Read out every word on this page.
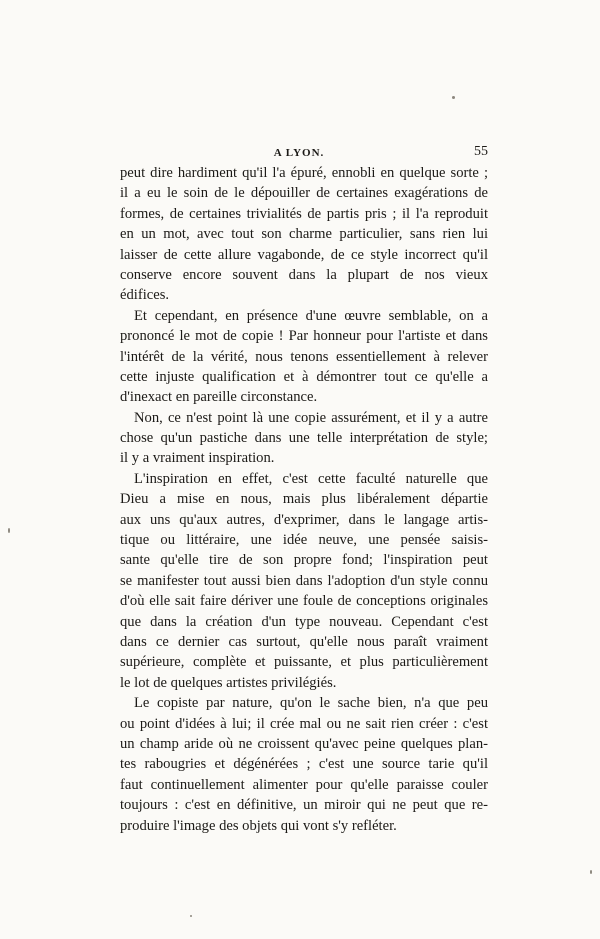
A LYON.	55
peut dire hardiment qu'il l'a épuré, ennobli en quelque sorte ;
il a eu le soin de le dépouiller de certaines exagérations de
formes, de certaines trivialités de partis pris ; il l'a reproduit
en un mot, avec tout son charme particulier, sans rien lui
laisser de cette allure vagabonde, de ce style incorrect qu'il
conserve encore souvent dans la plupart de nos vieux
édifices.
Et cependant, en présence d'une œuvre semblable, on a
prononcé le mot de copie ! Par honneur pour l'artiste et dans
l'intérêt de la vérité, nous tenons essentiellement à relever
cette injuste qualification et à démontrer tout ce qu'elle a
d'inexact en pareille circonstance.
Non, ce n'est point là une copie assurément, et il y a autre
chose qu'un pastiche dans une telle interprétation de style;
il y a vraiment inspiration.
L'inspiration en effet, c'est cette faculté naturelle que
Dieu a mise en nous, mais plus libéralement départie
aux uns qu'aux autres, d'exprimer, dans le langage artis-
tique ou littéraire, une idée neuve, une pensée saisis-
sante qu'elle tire de son propre fond; l'inspiration peut
se manifester tout aussi bien dans l'adoption d'un style connu
d'où elle sait faire dériver une foule de conceptions originales
que dans la création d'un type nouveau. Cependant c'est
dans ce dernier cas surtout, qu'elle nous paraît vraiment
supérieure, complète et puissante, et plus particulièrement
le lot de quelques artistes privilégiés.
Le copiste par nature, qu'on le sache bien, n'a que peu
ou point d'idées à lui; il crée mal ou ne sait rien créer : c'est
un champ aride où ne croissent qu'avec peine quelques plan-
tes rabougries et dégénérées ; c'est une source tarie qu'il
faut continuellement alimenter pour qu'elle paraisse couler
toujours : c'est en définitive, un miroir qui ne peut que re-
produire l'image des objets qui vont s'y refléter.
